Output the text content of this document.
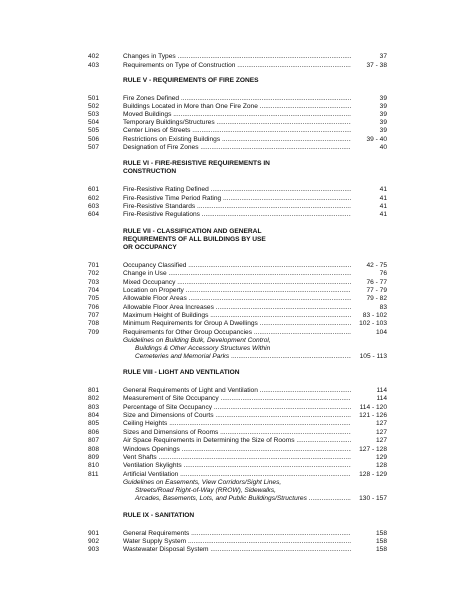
402	Changes in Types .....	37
403	Requirements on Type of Construction .....	37 - 38
RULE V - REQUIREMENTS OF FIRE ZONES
501	Fire Zones Defined .....	39
502	Buildings Located in More than One Fire Zone .....	39
503	Moved Buildings .....	39
504	Temporary Buildings/Structures .....	39
505	Center Lines of Streets .....	39
506	Restrictions on Existing Buildings .....	39 - 40
507	Designation of Fire Zones .....	40
RULE VI - FIRE-RESISTIVE REQUIREMENTS IN
CONSTRUCTION
601	Fire-Resistive Rating Defined .....	41
602	Fire-Resistive Time Period Rating .....	41
603	Fire-Resistive Standards .....	41
604	Fire-Resistive Regulations .....	41
RULE VII - CLASSIFICATION AND GENERAL
REQUIREMENTS OF ALL BUILDINGS BY USE
OR OCCUPANCY
701	Occupancy Classified .....	42 - 75
702	Change in Use .....	76
703	Mixed Occupancy .....	76 - 77
704	Location on Property .....	77 - 79
705	Allowable Floor Areas .....	79 - 82
706	Allowable Floor Area Increases .....	83
707	Maximum Height of Buildings .....	83 - 102
708	Minimum Requirements for Group A Dwellings .....	102 - 103
709	Requirements for Other Group Occupancies .....	104
Guidelines on Building Bulk, Development Control,
Buildings & Other Accessory Structures Within
Cemeteries and Memorial Parks .....	105 - 113
RULE VIII - LIGHT AND VENTILATION
801	General Requirements of Light and Ventilation .....	114
802	Measurement of Site Occupancy .....	114
803	Percentage of Site Occupancy .....	114 - 120
804	Size and Dimensions of Courts .....	121 - 126
805	Ceiling Heights .....	127
806	Sizes and Dimensions of Rooms .....	127
807	Air Space Requirements in Determining the Size of Rooms .....	127
808	Windows Openings .....	127 - 128
809	Vent Shafts .....	129
810	Ventilation Skylights .....	128
811	Artificial Ventilation .....	128 - 129
Guidelines on Easements, View Corridors/Sight Lines,
Streets/Road Right-of-Way (RROW), Sidewalks,
Arcades, Basements, Lots, and Public Buildings/Structures .....	130 - 157
RULE IX - SANITATION
901	General Requirements .....	158
902	Water Supply System .....	158
903	Wastewater Disposal System .....	158
